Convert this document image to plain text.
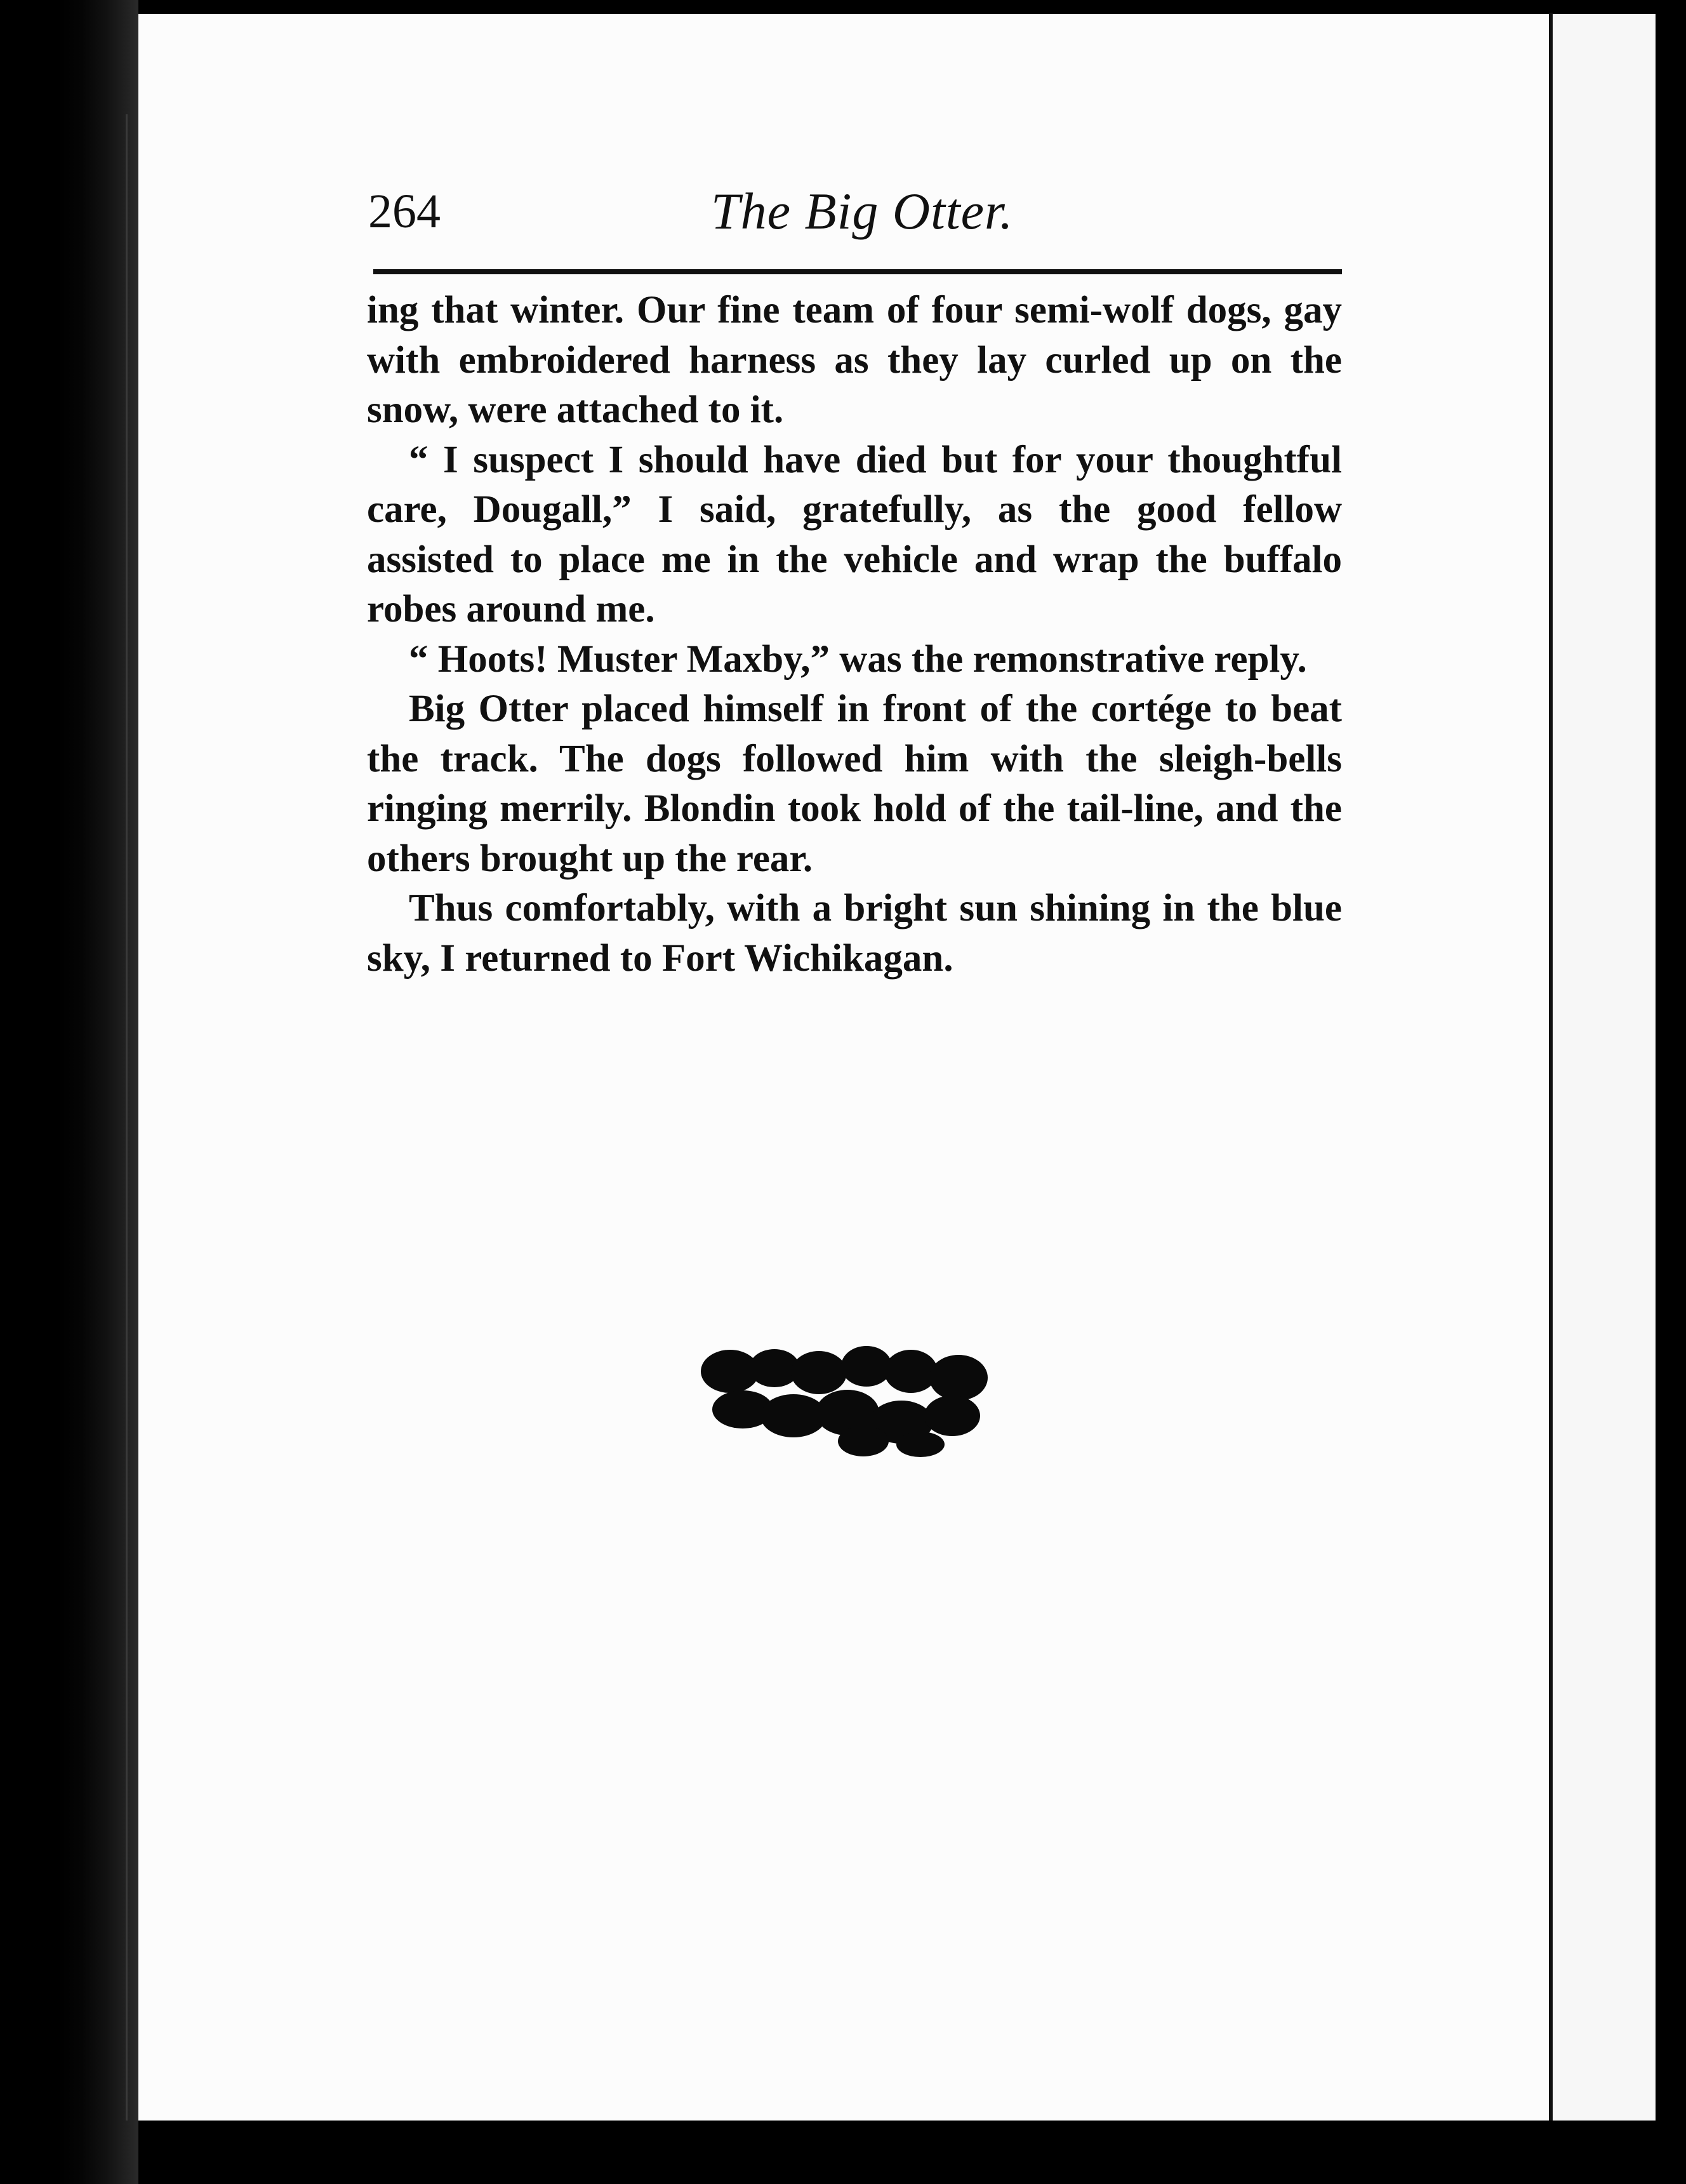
264	The Big Otter.

ing that winter. Our fine team of four semi-wolf dogs, gay with embroidered harness as they lay curled up on the snow, were attached to it.

“ I suspect I should have died but for your thoughtful care, Dougall,” I said, gratefully, as the good fellow assisted to place me in the vehicle and wrap the buffalo robes around me.

“ Hoots! Muster Maxby,” was the remonstrative reply.

Big Otter placed himself in front of the cortége to beat the track. The dogs followed him with the sleigh-bells ringing merrily. Blondin took hold of the tail-line, and the others brought up the rear.

Thus comfortably, with a bright sun shining in the blue sky, I returned to Fort Wichikagan.
